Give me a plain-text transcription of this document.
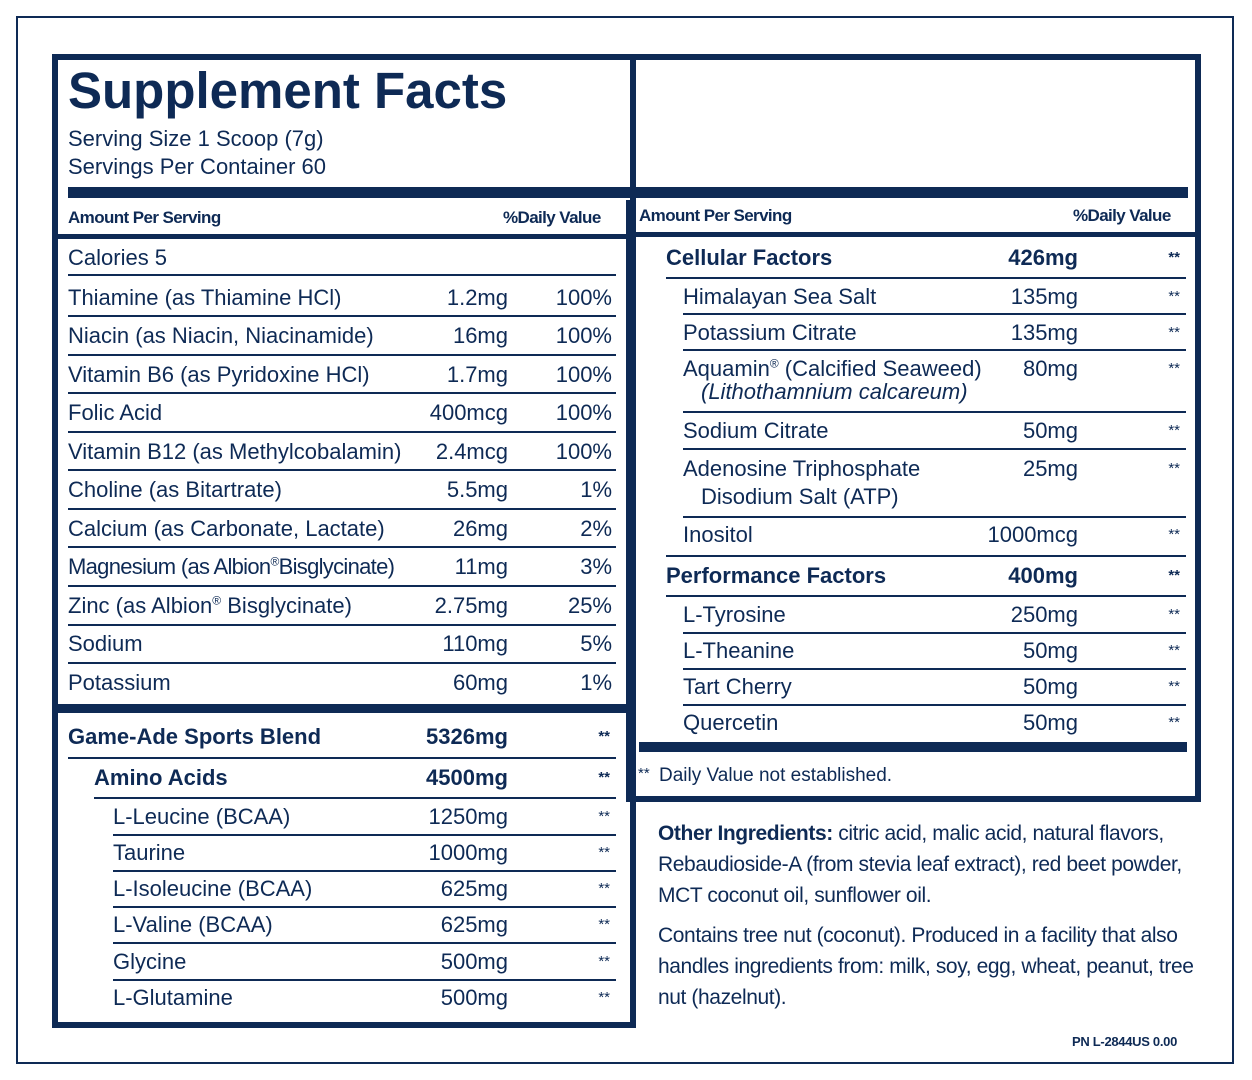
Supplement Facts
Serving Size 1 Scoop (7g)
Servings Per Container 60
Amount Per Serving	%Daily Value Amount Per Serving	%Daily Value
Calories 5
Thiamine (as Thiamine HCl)	1.2mg 100%
Niacin (as Niacin, Niacinamide)	16mg 100%
Vitamin B6 (as Pyridoxine HCl)	1.7mg 100%
Folic Acid	400mcg 100%
Vitamin B12 (as Methylcobalamin) 2.4mcg 100%
Choline (as Bitartrate)	5.5mg	1%
Calcium (as Carbonate, Lactate)	26mg	2%
Magnesium (as Albion®Bisglycinate)	11mg	3%
Zinc (as Albion® Bisglycinate)	2.75mg	25%
Sodium	110mg	5%
Potassium	60mg	1%
Game-Ade Sports Blend	5326mg	**
Amino Acids	4500mg	**
L-Leucine (BCAA)	1250mg	**
Taurine	1000mg	**
L-Isoleucine (BCAA)	625mg	**
L-Valine (BCAA)	625mg	**
Glycine	500mg	**
L-Glutamine	500mg	**
Cellular Factors	426mg	**
Himalayan Sea Salt	135mg	**
Potassium Citrate	135mg	**
Aquamin® (Calcified Seaweed)
(Lithothamnium calcareum)
80mg	**
Sodium Citrate	50mg	**
Adenosine Triphosphate
Disodium Salt (ATP)
25mg	**
Inositol	1000mcg	**
Performance Factors	400mg	**
L-Tyrosine	250mg	**
L-Theanine	50mg	**
Tart Cherry	50mg	**
Quercetin	50mg	**
** Daily Value not established.
Other Ingredients: citric acid, malic acid, natural flavors, Rebaudioside-A (from stevia leaf extract), red beet powder, MCT coconut oil, sunflower oil.
Contains tree nut (coconut). Produced in a facility that also handles ingredients from: milk, soy, egg, wheat, peanut, tree nut (hazelnut).
PN L-2844US 0.00
